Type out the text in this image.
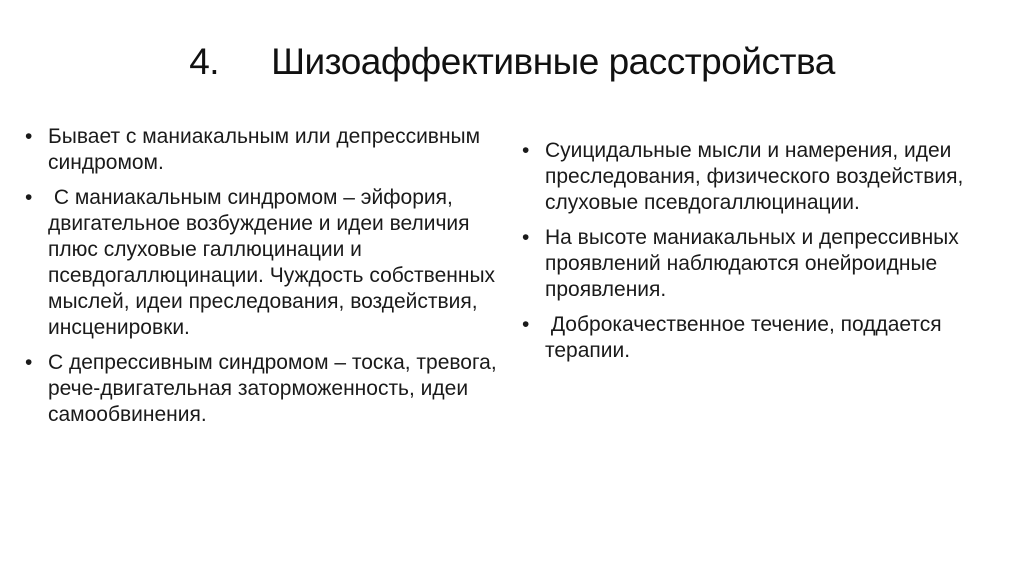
4. Шизоаффективные расстройства
• Бывает с маниакальным или депрессивным синдромом.
• С маниакальным синдромом – эйфория, двигательное возбуждение и идеи величия плюс слуховые галлюцинации и псевдогаллюцинации. Чуждость собственных мыслей, идеи преследования, воздействия, инсценировки.
• С депрессивным синдромом – тоска, тревога, рече-двигательная заторможенность, идеи самообвинения.
• Суицидальные мысли и намерения, идеи преследования, физического воздействия, слуховые псевдогаллюцинации.
• На высоте маниакальных и депрессивных проявлений наблюдаются онейроидные проявления.
• Доброкачественное течение, поддается терапии.
